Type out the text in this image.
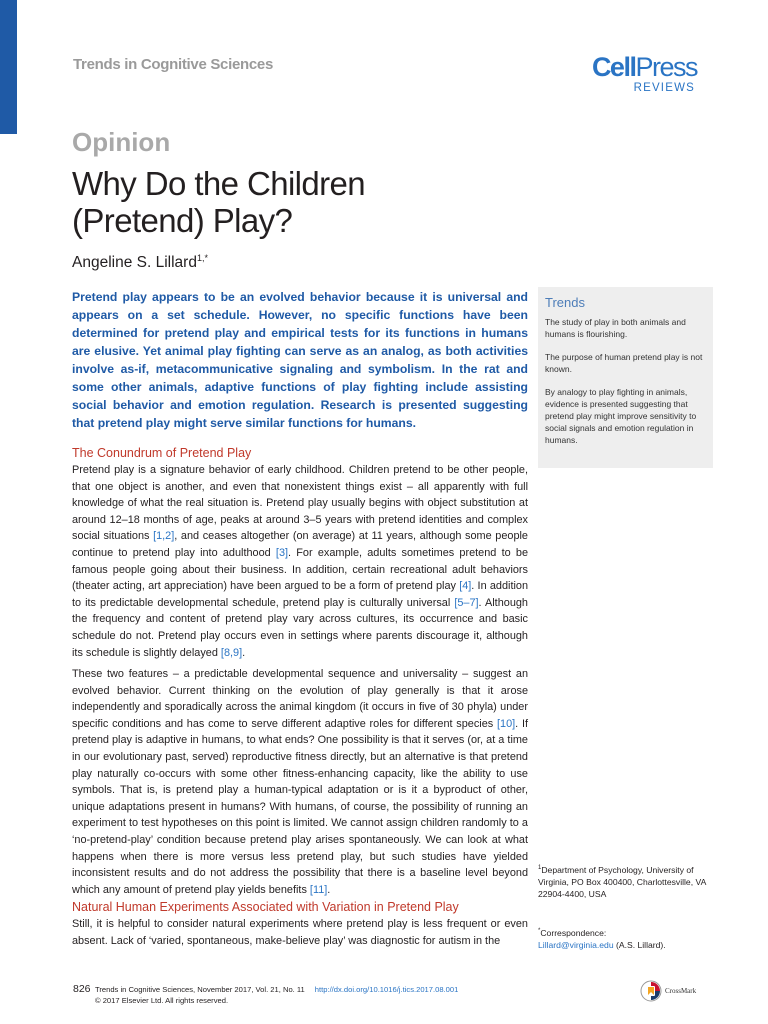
Trends in Cognitive Sciences	CellPress
REVIEWS
Opinion
Why Do the Children
(Pretend) Play?
Angeline S. Lillard$^{1,*}$

Pretend play appears to be an evolved behavior because it is universal and appears on a set schedule. However, no specific functions have been determined for pretend play and empirical tests for its functions in humans are elusive. Yet animal play fighting can serve as an analog, as both activities involve as-if, metacommunicative signaling and symbolism. In the rat and some other animals, adaptive functions of play fighting include assisting social behavior and emotion regulation. Research is presented suggesting that pretend play might serve similar functions for humans.

Trends

The study of play in both animals and humans is flourishing.

The purpose of human pretend play is not known.

By analogy to play fighting in animals, evidence is presented suggesting that pretend play might improve sensitivity to social signals and emotion regulation in humans.

The Conundrum of Pretend Play

Pretend play is a signature behavior of early childhood. Children pretend to be other people, that one object is another, and even that nonexistent things exist – all apparently with full knowledge of what the real situation is. Pretend play usually begins with object substitution at around 12–18 months of age, peaks at around 3–5 years with pretend identities and complex social situations [1,2], and ceases altogether (on average) at 11 years, although some people continue to pretend play into adulthood [3]. For example, adults sometimes pretend to be famous people going about their business. In addition, certain recreational adult behaviors (theater acting, art appreciation) have been argued to be a form of pretend play [4]. In addition to its predictable developmental schedule, pretend play is culturally universal [5–7]. Although the frequency and content of pretend play vary across cultures, its occurrence and basic schedule do not. Pretend play occurs even in settings where parents discourage it, although its schedule is slightly delayed [8,9].

These two features – a predictable developmental sequence and universality – suggest an evolved behavior. Current thinking on the evolution of play generally is that it arose independently and sporadically across the animal kingdom (it occurs in five of 30 phyla) under specific conditions and has come to serve different adaptive roles for different species [10]. If pretend play is adaptive in humans, to what ends? One possibility is that it serves (or, at a time in our evolutionary past, served) reproductive fitness directly, but an alternative is that pretend play naturally co-occurs with some other fitness-enhancing capacity, like the ability to use symbols. That is, is pretend play a human-typical adaptation or is it a byproduct of other, unique adaptations present in humans? With humans, of course, the possibility of running an experiment to test hypotheses on this point is limited. We cannot assign children randomly to a ‘no-pretend-play’ condition because pretend play arises spontaneously. We can look at what happens when there is more versus less pretend play, but such studies have yielded inconsistent results and do not address the possibility that there is a baseline level beyond which any amount of pretend play yields benefits [11].

Natural Human Experiments Associated with Variation in Pretend Play

Still, it is helpful to consider natural experiments where pretend play is less frequent or even absent. Lack of ‘varied, spontaneous, make-believe play’ was diagnostic for autism in the

$^1$Department of Psychology, University of Virginia, PO Box 400400, Charlottesville, VA 22904-4400, USA
*Correspondence:
Lillard@virginia.edu (A.S. Lillard).
826 Trends in Cognitive Sciences, November 2017, Vol. 21, No. 11 http://dx.doi.org/10.1016/j.tics.2017.08.001
© 2017 Elsevier Ltd. All rights reserved.
CrossMark
